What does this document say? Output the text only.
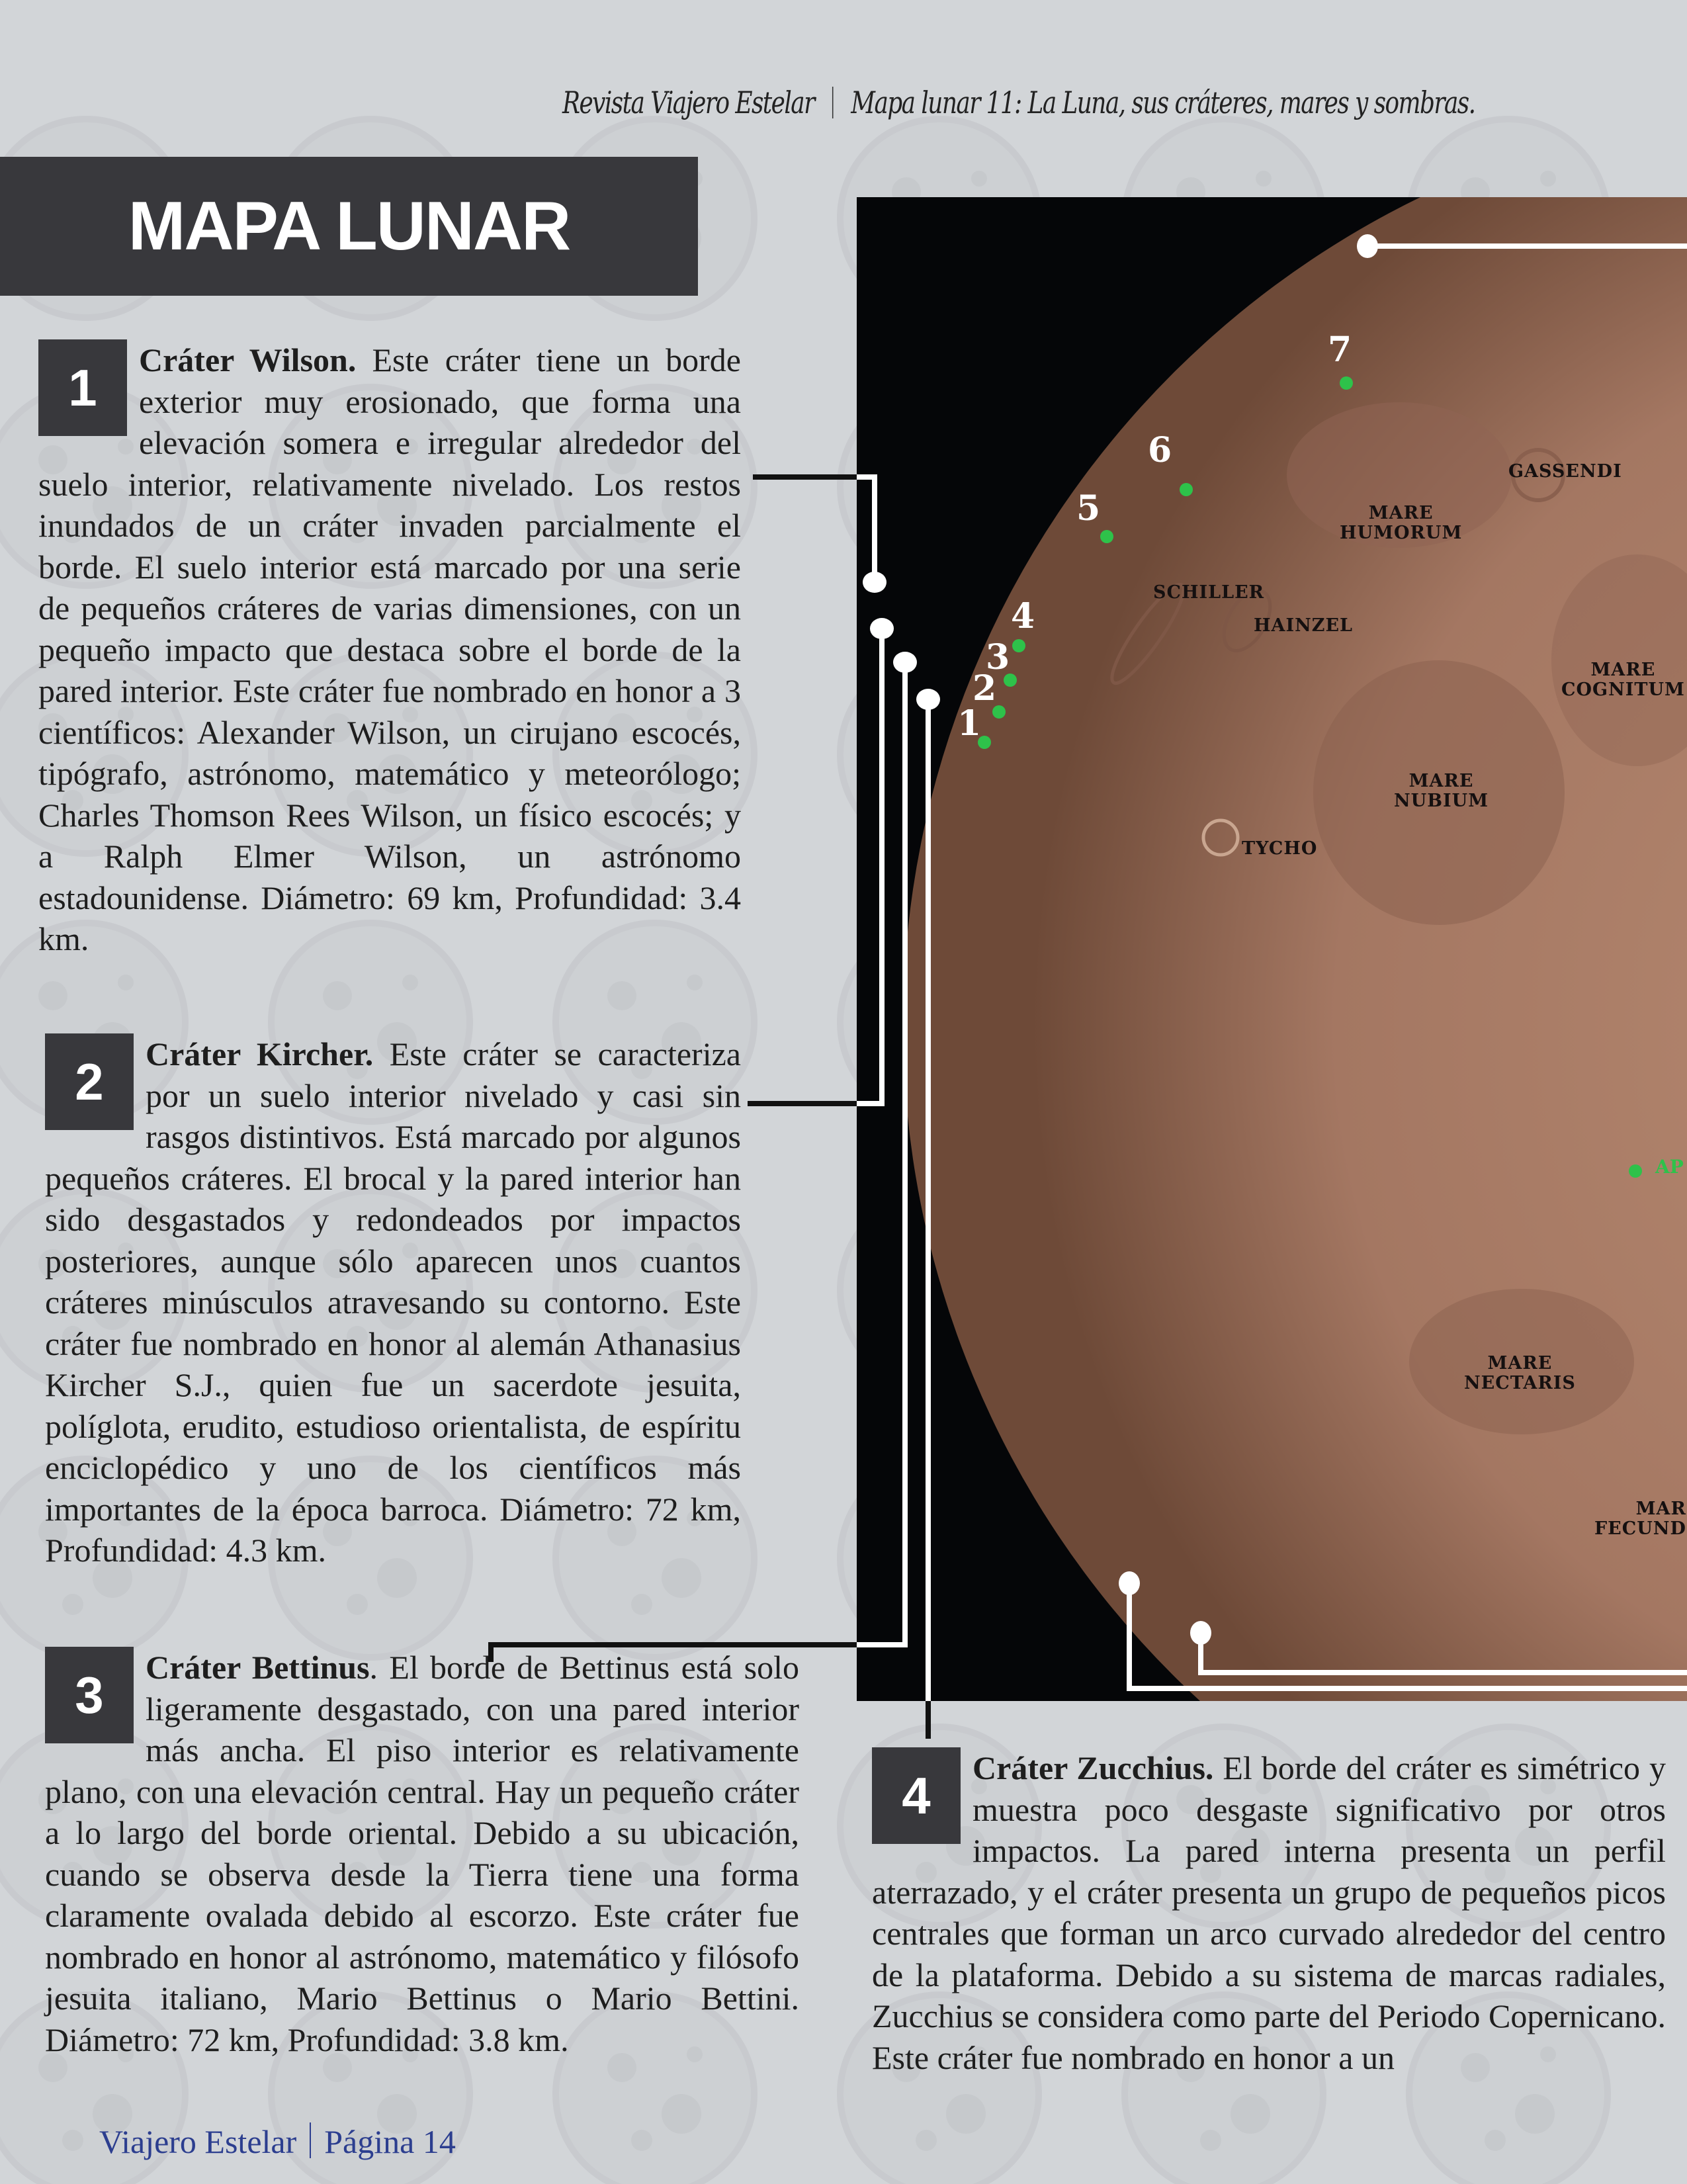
Revista Viajero Estelar Mapa lunar 11: La Luna, sus cráteres, mares y sombras.
MAPA LUNAR
1	Cráter Wilson. Este cráter tiene un borde exterior muy erosionado, que forma una elevación somera e irregular alrededor del suelo interior, relativamente nivelado. Los restos inundados de un cráter invaden parcialmente el borde. El suelo interior está marcado por una serie de pequeños cráteres de varias dimensiones, con un pequeño impacto que destaca sobre el borde de la pared interior. Este cráter fue nombrado en honor a 3 científicos: Alexander Wilson, un cirujano escocés, tipógrafo, astrónomo, matemático y meteorólogo; Charles Thomson Rees Wilson, un físico escocés; y a Ralph Elmer Wilson, un astrónomo estadounidense. Diámetro: 69 km, Profundidad: 3.4 km.
2	Cráter Kircher. Este cráter se caracteriza por un suelo interior nivelado y casi sin rasgos distintivos. Está marcado por algunos pequeños cráteres. El brocal y la pared interior han sido desgastados y redondeados por impactos posteriores, aunque sólo aparecen unos cuantos cráteres minúsculos atravesando su contorno. Este cráter fue nombrado en honor al alemán Athanasius Kircher S.J., quien fue un sacerdote jesuita, políglota, erudito, estudioso orientalista, de espíritu enciclopédico y uno de los científicos más importantes de la época barroca. Diámetro: 72 km, Profundidad: 4.3 km.
3	Cráter Bettinus. El borde de Bettinus está solo ligeramente desgastado, con una pared interior más ancha. El piso interior es relativamente plano, con una elevación central. Hay un pequeño cráter a lo largo del borde oriental. Debido a su ubicación, cuando se observa desde la Tierra tiene una forma claramente ovalada debido al escorzo. Este cráter fue nombrado en honor al astrónomo, matemático y filósofo jesuita italiano, Mario Bettinus o Mario Bettini. Diámetro: 72 km, Profundidad: 3.8 km.
4	Cráter Zucchius. El borde del cráter es simétrico y muestra poco desgaste significativo por otros impactos. La pared interna presenta un perfil aterrazado, y el cráter presenta un grupo de pequeños picos centrales que forman un arco curvado alrededor del centro de la plataforma. Debido a su sistema de marcas radiales, Zucchius se considera como parte del Periodo Copernicano. Este cráter fue nombrado en honor a un
GASSENDI
MARE
HUMORUM
SCHILLER
HAINZEL
MARE
COGNITUM
MARE
NUBIUM
TYCHO
MARE
NECTARIS
MAR
FECUND
AP
1
2
3
4
5
6
7
Viajero Estelar Página 14
